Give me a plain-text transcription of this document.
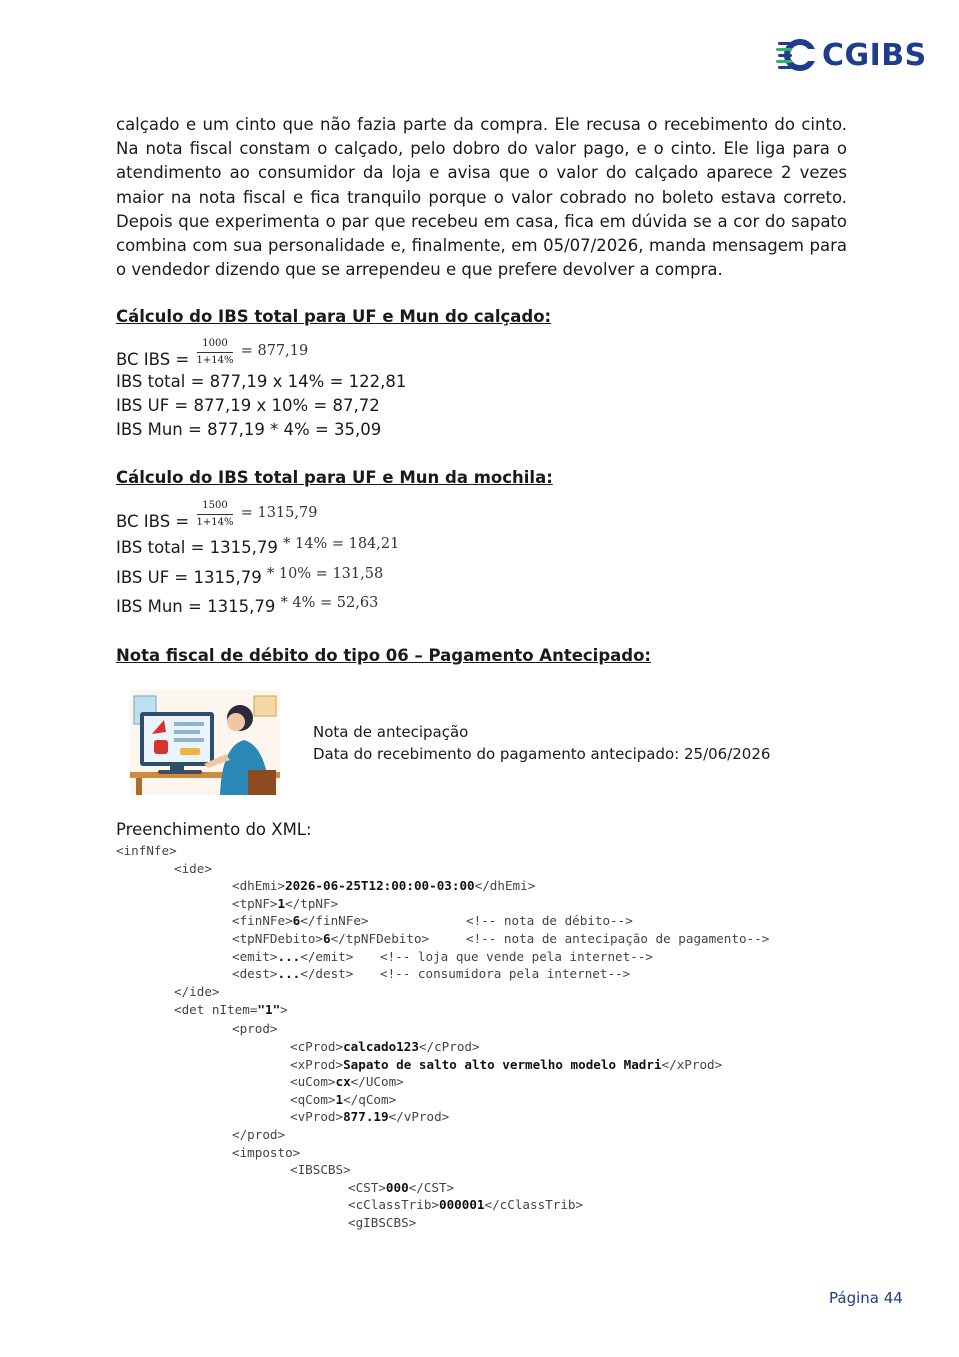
CGIBS
calçado e um cinto que não fazia parte da compra. Ele recusa o recebimento do cinto. Na nota fiscal constam o calçado, pelo dobro do valor pago, e o cinto. Ele liga para o atendimento ao consumidor da loja e avisa que o valor do calçado aparece 2 vezes maior na nota fiscal e fica tranquilo porque o valor cobrado no boleto estava correto. Depois que experimenta o par que recebeu em casa, fica em dúvida se a cor do sapato combina com sua personalidade e, finalmente, em 05/07/2026, manda mensagem para o vendedor dizendo que se arrependeu e que prefere devolver a compra.
Cálculo do IBS total para UF e Mun do calçado:
BC IBS = $\frac{1000}{1+14\%} = 877,19$
IBS total = 877,19 x 14% = 122,81
IBS UF = 877,19 x 10% = 87,72
IBS Mun = 877,19 * 4% = 35,09
Cálculo do IBS total para UF e Mun da mochila:
BC IBS = $\frac{1500}{1+14\%} = 1315,79$
IBS total = 1315,79 * 14% = 184,21
IBS UF = 1315,79 * 10% = 131,58
IBS Mun = 1315,79 * 4% = 52,63
Nota fiscal de débito do tipo 06 – Pagamento Antecipado:
Nota de antecipação
Data do recebimento do pagamento antecipado: 25/06/2026
Preenchimento do XML:
<infNfe>
<ide>
<dhEmi>2026-06-25T12:00:00-03:00</dhEmi>
<tpNF>1</tpNF>
<finNFe>6</finNFe>	<!-- nota de débito-->
<tpNFDebito>6</tpNFDebito>	<!-- nota de antecipação de pagamento-->
<emit>...</emit> <!-- loja que vende pela internet-->
<dest>...</dest> <!-- consumidora pela internet-->
</ide>
<det nItem="1">
<prod>
<cProd>calcado123</cProd>
<xProd>Sapato de salto alto vermelho modelo Madri</xProd>
<uCom>cx</UCom>
<qCom>1</qCom>
<vProd>877.19</vProd>
</prod>
<imposto>
<IBSCBS>
<CST>000</CST>
<cClassTrib>000001</cClassTrib>
<gIBSCBS>
Página 44
